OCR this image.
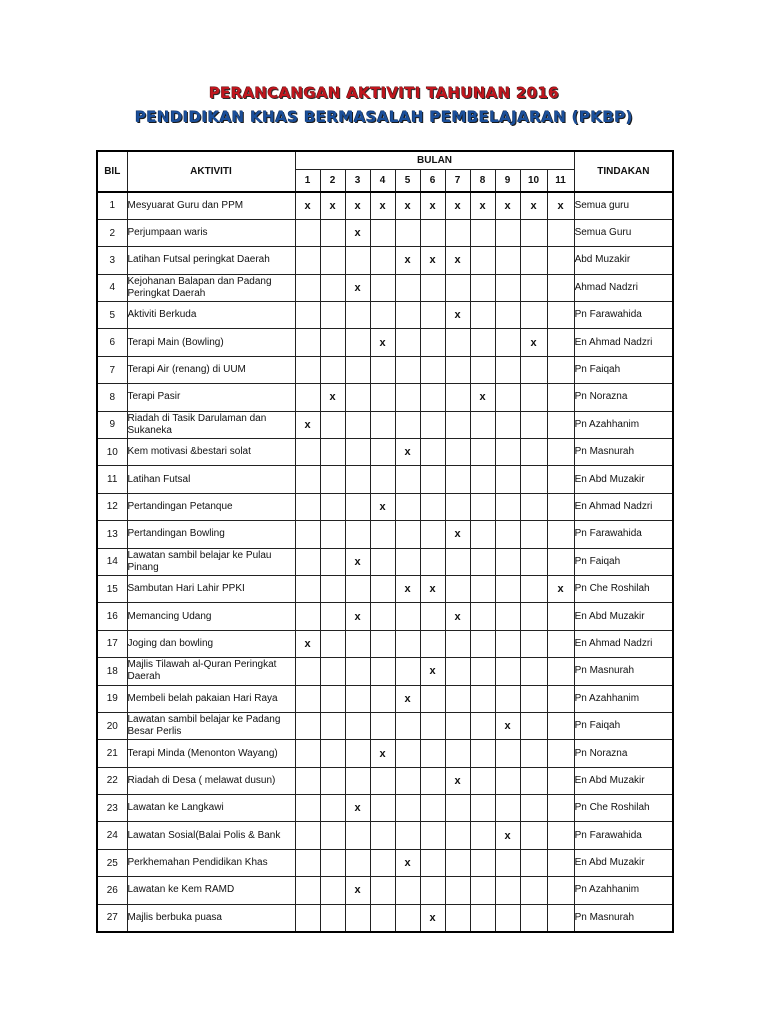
PERANCANGAN AKTIVITI TAHUNAN 2016
PENDIDIKAN KHAS BERMASALAH PEMBELAJARAN (PKBP)
BIL	AKTIVITI	BULAN											TINDAKAN
		1	2	3	4	5	6	7	8	9	10	11	
1	Mesyuarat Guru dan PPM	x	x	x	x	x	x	x	x	x	x	x	Semua guru
2	Perjumpaan waris			x									Semua Guru
3	Latihan Futsal peringkat Daerah					x	x	x					Abd Muzakir
4	Kejohanan Balapan dan Padang Peringkat Daerah			x									Ahmad Nadzri
5	Aktiviti Berkuda							x					Pn Farawahida
6	Terapi Main (Bowling)				x						x		En Ahmad Nadzri
7	Terapi Air (renang) di UUM												Pn Faiqah
8	Terapi Pasir		x						x				Pn Norazna
9	Riadah di Tasik Darulaman dan Sukaneka	x											Pn Azahhanim
10	Kem motivasi &bestari solat					x							Pn Masnurah
11	Latihan Futsal												En Abd Muzakir
12	Pertandingan Petanque				x								En Ahmad Nadzri
13	Pertandingan Bowling							x					Pn Farawahida
14	Lawatan sambil belajar ke Pulau Pinang			x									Pn Faiqah
15	Sambutan Hari Lahir PPKI					x	x					x	Pn Che Roshilah
16	Memancing Udang			x				x					En Abd Muzakir
17	Joging dan bowling	x											En Ahmad Nadzri
18	Majlis Tilawah al-Quran Peringkat Daerah						x						Pn Masnurah
19	Membeli belah pakaian Hari Raya					x							Pn Azahhanim
20	Lawatan sambil belajar ke Padang Besar Perlis									x			Pn Faiqah
21	Terapi Minda (Menonton Wayang)				x								Pn Norazna
22	Riadah di Desa ( melawat dusun)							x					En Abd Muzakir
23	Lawatan ke Langkawi			x									Pn Che Roshilah
24	Lawatan Sosial(Balai Polis & Bank									x			Pn Farawahida
25	Perkhemahan Pendidikan Khas					x							En Abd Muzakir
26	Lawatan ke Kem RAMD			x									Pn Azahhanim
27	Majlis berbuka puasa						x						Pn Masnurah
